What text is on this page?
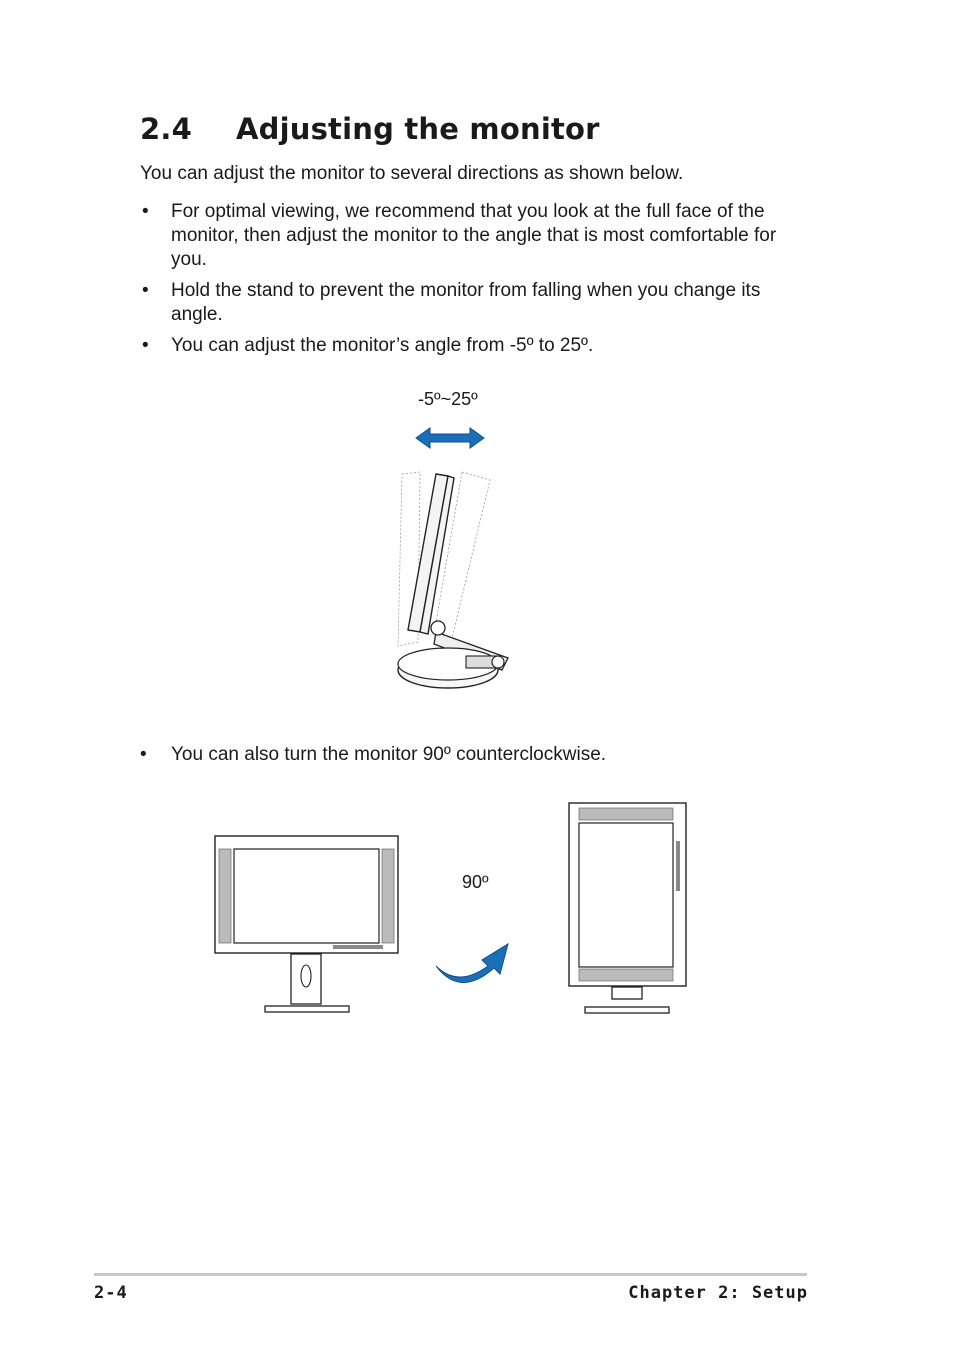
2.4 Adjusting the monitor
You can adjust the monitor to several directions as shown below.
• For optimal viewing, we recommend that you look at the full face of the monitor, then adjust the monitor to the angle that is most comfortable for you.
• Hold the stand to prevent the monitor from falling when you change its angle.
• You can adjust the monitor’s angle from -5º to 25º.
-5º~25º
• You can also turn the monitor 90º counterclockwise.
90º
2-4	Chapter 2: Setup
